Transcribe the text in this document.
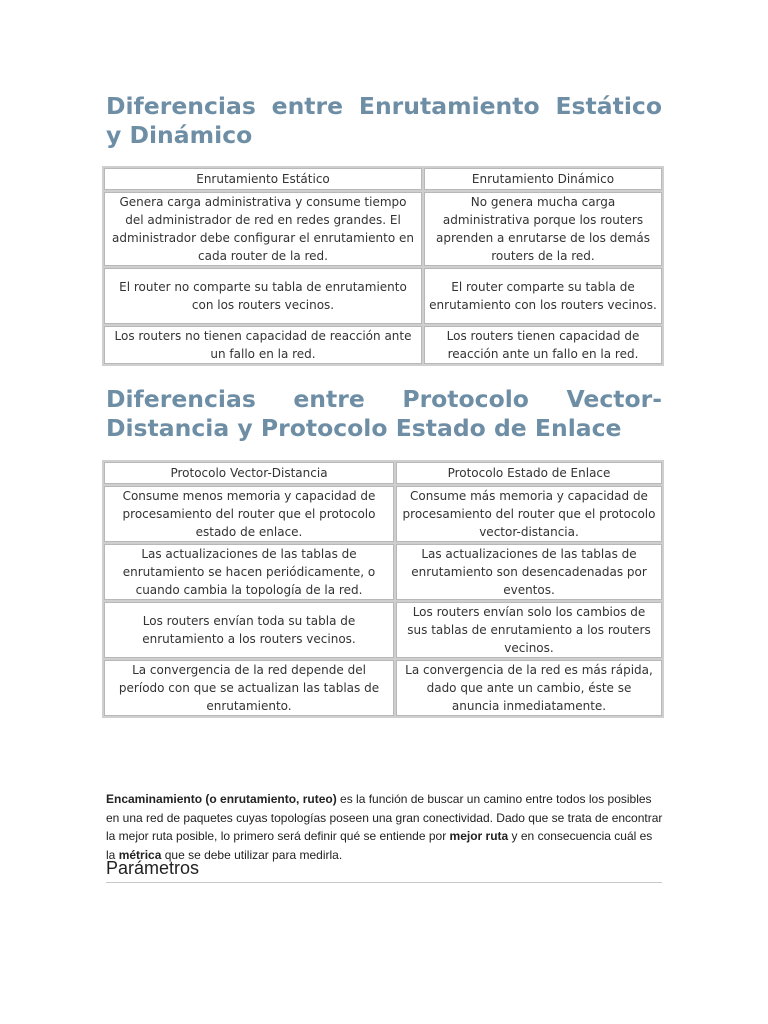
Diferencias entre Enrutamiento Estático y Dinámico
Enrutamiento Estático	Enrutamiento Dinámico
Genera carga administrativa y consume tiempo del administrador de red en redes grandes. El administrador debe configurar el enrutamiento en cada router de la red.	No genera mucha carga administrativa porque los routers aprenden a enrutarse de los demás routers de la red.
El router no comparte su tabla de enrutamiento con los routers vecinos.	El router comparte su tabla de enrutamiento con los routers vecinos.
Los routers no tienen capacidad de reacción ante un fallo en la red.	Los routers tienen capacidad de reacción ante un fallo en la red.
Diferencias entre Protocolo Vector-Distancia y Protocolo Estado de Enlace
Protocolo Vector-Distancia	Protocolo Estado de Enlace
Consume menos memoria y capacidad de procesamiento del router que el protocolo estado de enlace.	Consume más memoria y capacidad de procesamiento del router que el protocolo vector-distancia.
Las actualizaciones de las tablas de enrutamiento se hacen periódicamente, o cuando cambia la topología de la red.	Las actualizaciones de las tablas de enrutamiento son desencadenadas por eventos.
Los routers envían toda su tabla de enrutamiento a los routers vecinos.	Los routers envían solo los cambios de sus tablas de enrutamiento a los routers vecinos.
La convergencia de la red depende del período con que se actualizan las tablas de enrutamiento.	La convergencia de la red es más rápida, dado que ante un cambio, éste se anuncia inmediatamente.

Encaminamiento (o enrutamiento, ruteo) es la función de buscar un camino entre todos los posibles en una red de paquetes cuyas topologías poseen una gran conectividad. Dado que se trata de encontrar la mejor ruta posible, lo primero será definir qué se entiende por mejor ruta y en consecuencia cuál es la métrica que se debe utilizar para medirla.

Parámetros
